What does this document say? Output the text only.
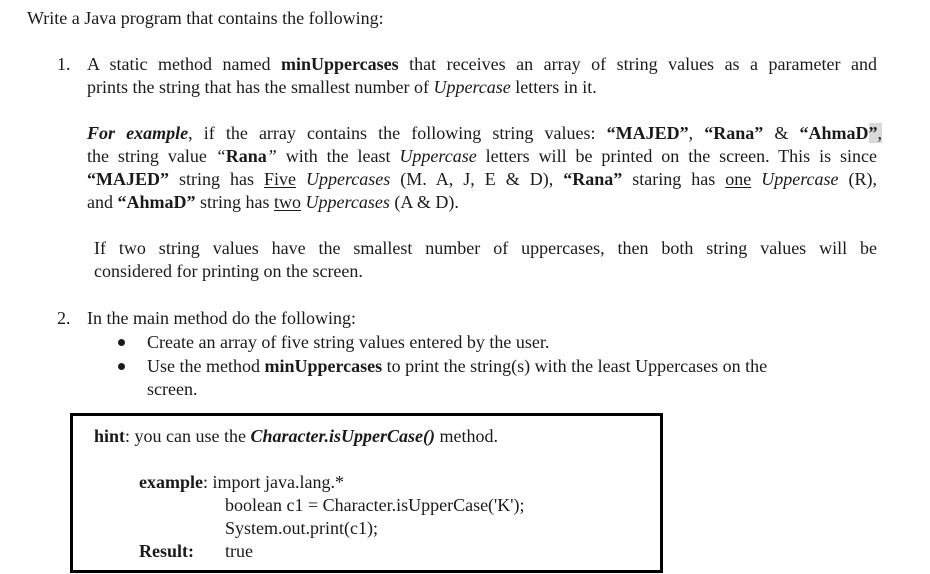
Write a Java program that contains the following:
1. A static method named minUppercases that receives an array of string values as a parameter and
prints the string that has the smallest number of Uppercase letters in it.
For example, if the array contains the following string values: “MAJED”, “Rana” & “AhmaD”,
the string value “Rana” with the least Uppercase letters will be printed on the screen. This is since
“MAJED” string has Five Uppercases (M. A, J, E & D), “Rana” staring has one Uppercase (R),
and “AhmaD” string has two Uppercases (A & D).
If two string values have the smallest number of uppercases, then both string values will be
considered for printing on the screen.
2. In the main method do the following:
Create an array of five string values entered by the user.
Use the method minUppercases to print the string(s) with the least Uppercases on the
screen.
hint: you can use the Character.isUpperCase() method.
example: import java.lang.*
boolean c1 = Character.isUpperCase('K');
System.out.print(c1);
Result: true
